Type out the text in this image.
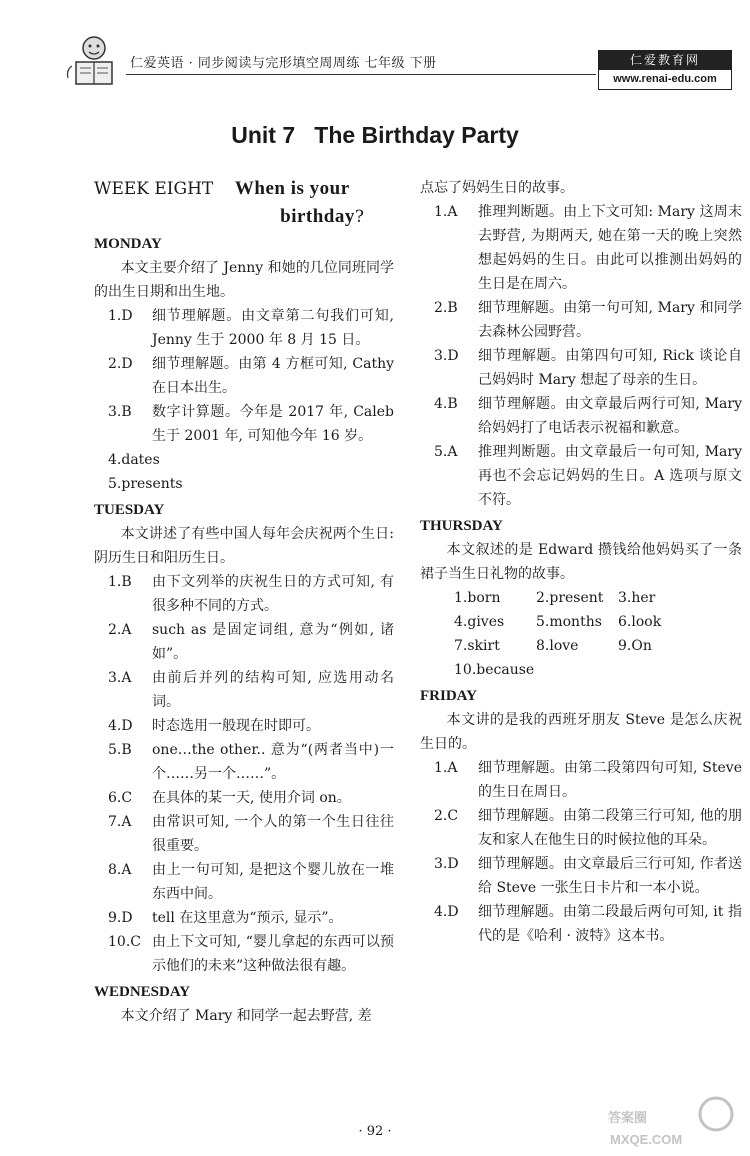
仁爱英语 · 同步阅读与完形填空周周练 七年级 下册	仁爱教育网
www.renai-edu.com
Unit 7   The Birthday Party
WEEK EIGHT When is your
birthday?
MONDAY

本文主要介绍了 Jenny 和她的几位同班同学的出生日期和出生地。

1.D	细节理解题。由文章第二句我们可知, Jenny 生于 2000 年 8 月 15 日。
2.D	细节理解题。由第 4 方框可知, Cathy 在日本出生。
3.B	数字计算题。今年是 2017 年, Caleb 生于 2001 年, 可知他今年 16 岁。

4.dates

5.presents

TUESDAY

本文讲述了有些中国人每年会庆祝两个生日: 阴历生日和阳历生日。

1.B	由下文列举的庆祝生日的方式可知, 有很多种不同的方式。
2.A	such as 是固定词组, 意为“例如, 诸如”。
3.A	由前后并列的结构可知, 应选用动名词。
4.D	时态选用一般现在时即可。
5.B	one…the other.. 意为“(两者当中)一个……另一个……”。
6.C	在具体的某一天, 使用介词 on。
7.A	由常识可知, 一个人的第一个生日往往很重要。
8.A	由上一句可知, 是把这个婴儿放在一堆东西中间。
9.D	tell 在这里意为“预示, 显示”。
10.C 由上下文可知, “婴儿拿起的东西可以预示他们的未来”这种做法很有趣。
WEDNESDAY

本文介绍了 Mary 和同学一起去野营, 差

点忘了妈妈生日的故事。

1.A	推理判断题。由上下文可知: Mary 这周末去野营, 为期两天, 她在第一天的晚上突然想起妈妈的生日。由此可以推测出妈妈的生日是在周六。
2.B	细节理解题。由第一句可知, Mary 和同学去森林公园野营。
3.D	细节理解题。由第四句可知, Rick 谈论自己妈妈时 Mary 想起了母亲的生日。
4.B	细节理解题。由文章最后两行可知, Mary 给妈妈打了电话表示祝福和歉意。
5.A	推理判断题。由文章最后一句可知, Mary 再也不会忘记妈妈的生日。A 选项与原文不符。
THURSDAY

本文叙述的是 Edward 攒钱给他妈妈买了一条裙子当生日礼物的故事。

1.born	2.present	3.her
4.gives	5.months	6.look
7.skirt	8.love	9.On
10.because
FRIDAY

本文讲的是我的西班牙朋友 Steve 是怎么庆祝生日的。

1.A	细节理解题。由第二段第四句可知, Steve 的生日在周日。
2.C	细节理解题。由第二段第三行可知, 他的朋友和家人在他生日的时候拉他的耳朵。
3.D	细节理解题。由文章最后三行可知, 作者送给 Steve 一张生日卡片和一本小说。
4.D	细节理解题。由第二段最后两句可知, it 指代的是《哈利 · 波特》这本书。
· 92 ·
答案圈
MXQE.COM
